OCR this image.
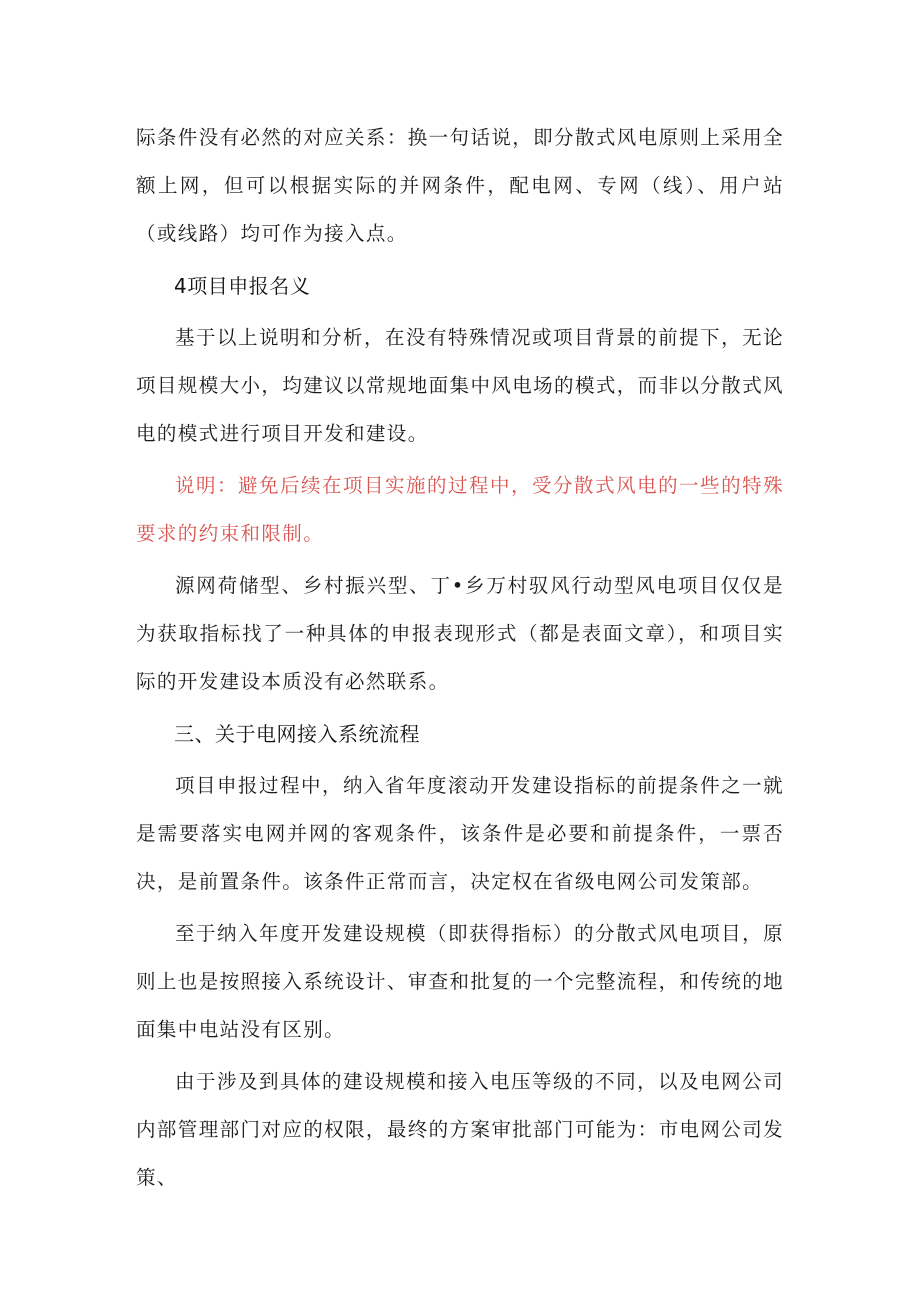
际条件没有必然的对应关系：换一句话说，即分散式风电原则上采用全额上网，但可以根据实际的并网条件，配电网、专网（线）、用户站（或线路）均可作为接入点。

4项目申报名义

基于以上说明和分析，在没有特殊情况或项目背景的前提下，无论项目规模大小，均建议以常规地面集中风电场的模式，而非以分散式风电的模式进行项目开发和建设。

说明：避免后续在项目实施的过程中，受分散式风电的一些的特殊要求的约束和限制。

源网荷储型、乡村振兴型、丁•乡万村驭风行动型风电项目仅仅是为获取指标找了一种具体的申报表现形式（都是表面文章），和项目实际的开发建设本质没有必然联系。

三、关于电网接入系统流程

项目申报过程中，纳入省年度滚动开发建设指标的前提条件之一就是需要落实电网并网的客观条件，该条件是必要和前提条件，一票否决，是前置条件。该条件正常而言，决定权在省级电网公司发策部。

至于纳入年度开发建设规模（即获得指标）的分散式风电项目，原则上也是按照接入系统设计、审查和批复的一个完整流程，和传统的地面集中电站没有区别。

由于涉及到具体的建设规模和接入电压等级的不同，以及电网公司内部管理部门对应的权限，最终的方案审批部门可能为：市电网公司发策、
